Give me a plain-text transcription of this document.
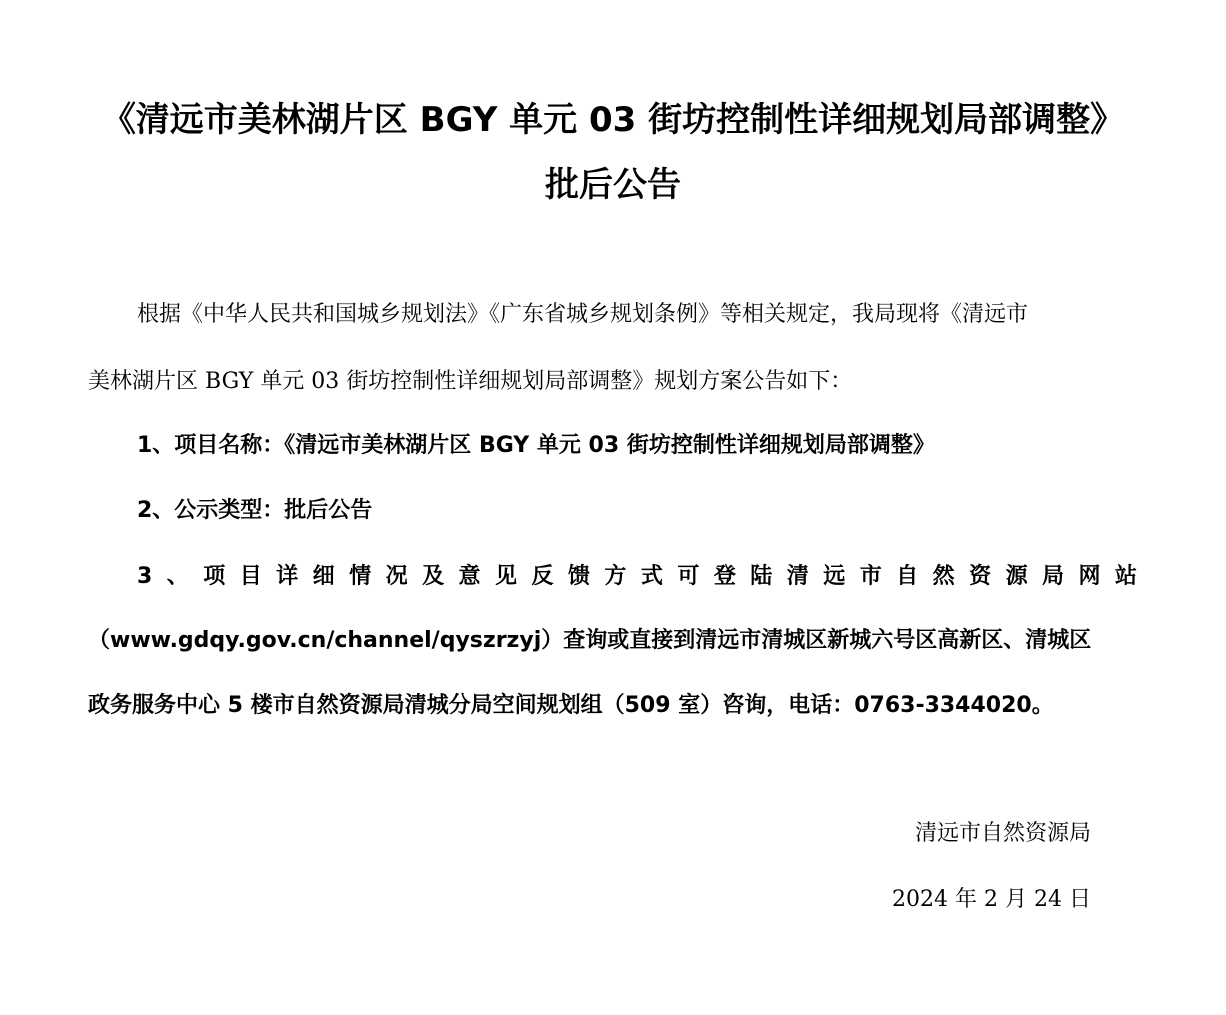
《清远市美林湖片区 BGY 单元 03 街坊控制性详细规划局部调整》
批后公告
根据《中华人民共和国城乡规划法》《广东省城乡规划条例》等相关规定，我局现将《清远市
美林湖片区 BGY 单元 03 街坊控制性详细规划局部调整》规划方案公告如下：
1、项目名称：《清远市美林湖片区 BGY 单元 03 街坊控制性详细规划局部调整》
2、公示类型：批后公告
3、项目详细情况及意见反馈方式可登陆清远市自然资源局网站
（www.gdqy.gov.cn/channel/qyszrzyj）查询或直接到清远市清城区新城六号区高新区、清城区
政务服务中心 5 楼市自然资源局清城分局空间规划组（509 室）咨询，电话：0763-3344020。
清远市自然资源局
2024 年 2 月 24 日
